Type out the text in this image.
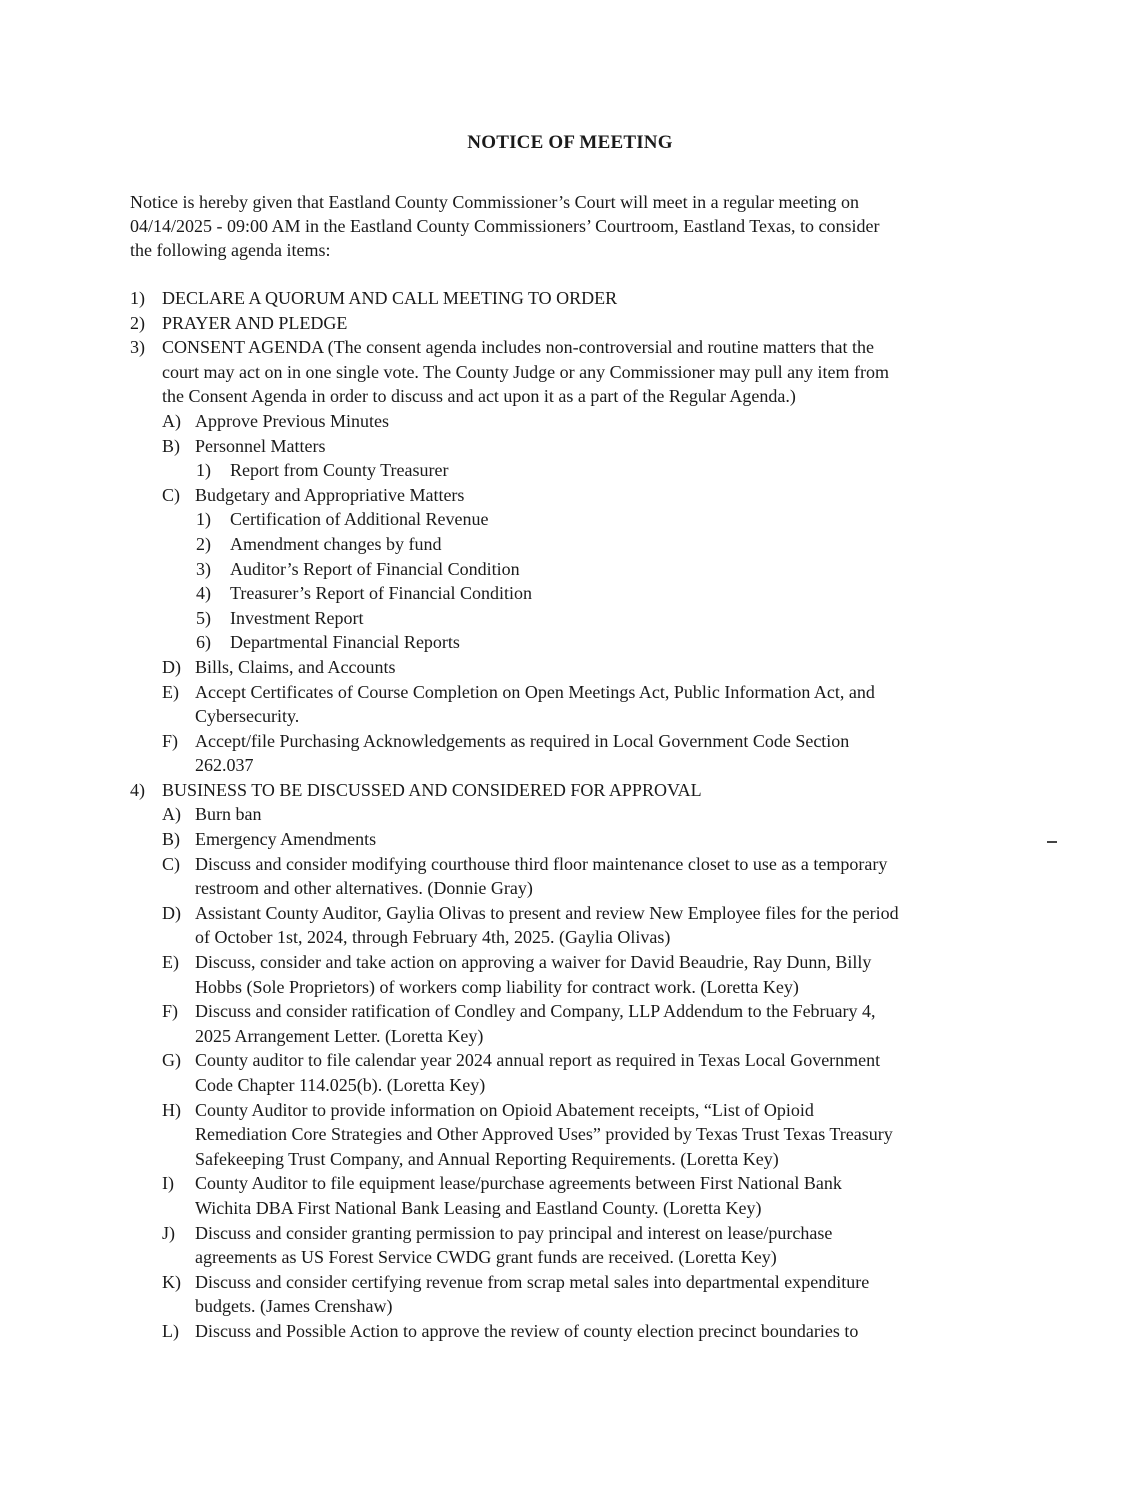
NOTICE OF MEETING
Notice is hereby given that Eastland County Commissioner’s Court will meet in a regular meeting on
04/14/2025 - 09:00 AM in the Eastland County Commissioners’ Courtroom, Eastland Texas, to consider
the following agenda items:
1) DECLARE A QUORUM AND CALL MEETING TO ORDER
2) PRAYER AND PLEDGE
3) CONSENT AGENDA (The consent agenda includes non-controversial and routine matters that the
court may act on in one single vote. The County Judge or any Commissioner may pull any item from
the Consent Agenda in order to discuss and act upon it as a part of the Regular Agenda.)
A) Approve Previous Minutes
B) Personnel Matters
1) Report from County Treasurer
C) Budgetary and Appropriative Matters
1) Certification of Additional Revenue
2) Amendment changes by fund
3) Auditor’s Report of Financial Condition
4) Treasurer’s Report of Financial Condition
5) Investment Report
6) Departmental Financial Reports
D) Bills, Claims, and Accounts
E) Accept Certificates of Course Completion on Open Meetings Act, Public Information Act, and
Cybersecurity.
F) Accept/file Purchasing Acknowledgements as required in Local Government Code Section
262.037
4) BUSINESS TO BE DISCUSSED AND CONSIDERED FOR APPROVAL
A) Burn ban
B) Emergency Amendments
C) Discuss and consider modifying courthouse third floor maintenance closet to use as a temporary
restroom and other alternatives. (Donnie Gray)
D) Assistant County Auditor, Gaylia Olivas to present and review New Employee files for the period
of October 1st, 2024, through February 4th, 2025. (Gaylia Olivas)
E) Discuss, consider and take action on approving a waiver for David Beaudrie, Ray Dunn, Billy
Hobbs (Sole Proprietors) of workers comp liability for contract work. (Loretta Key)
F) Discuss and consider ratification of Condley and Company, LLP Addendum to the February 4,
2025 Arrangement Letter. (Loretta Key)
G) County auditor to file calendar year 2024 annual report as required in Texas Local Government
Code Chapter 114.025(b). (Loretta Key)
H) County Auditor to provide information on Opioid Abatement receipts, “List of Opioid
Remediation Core Strategies and Other Approved Uses” provided by Texas Trust Texas Treasury
Safekeeping Trust Company, and Annual Reporting Requirements. (Loretta Key)
I) County Auditor to file equipment lease/purchase agreements between First National Bank
Wichita DBA First National Bank Leasing and Eastland County. (Loretta Key)
J) Discuss and consider granting permission to pay principal and interest on lease/purchase
agreements as US Forest Service CWDG grant funds are received. (Loretta Key)
K) Discuss and consider certifying revenue from scrap metal sales into departmental expenditure
budgets. (James Crenshaw)
L) Discuss and Possible Action to approve the review of county election precinct boundaries to
